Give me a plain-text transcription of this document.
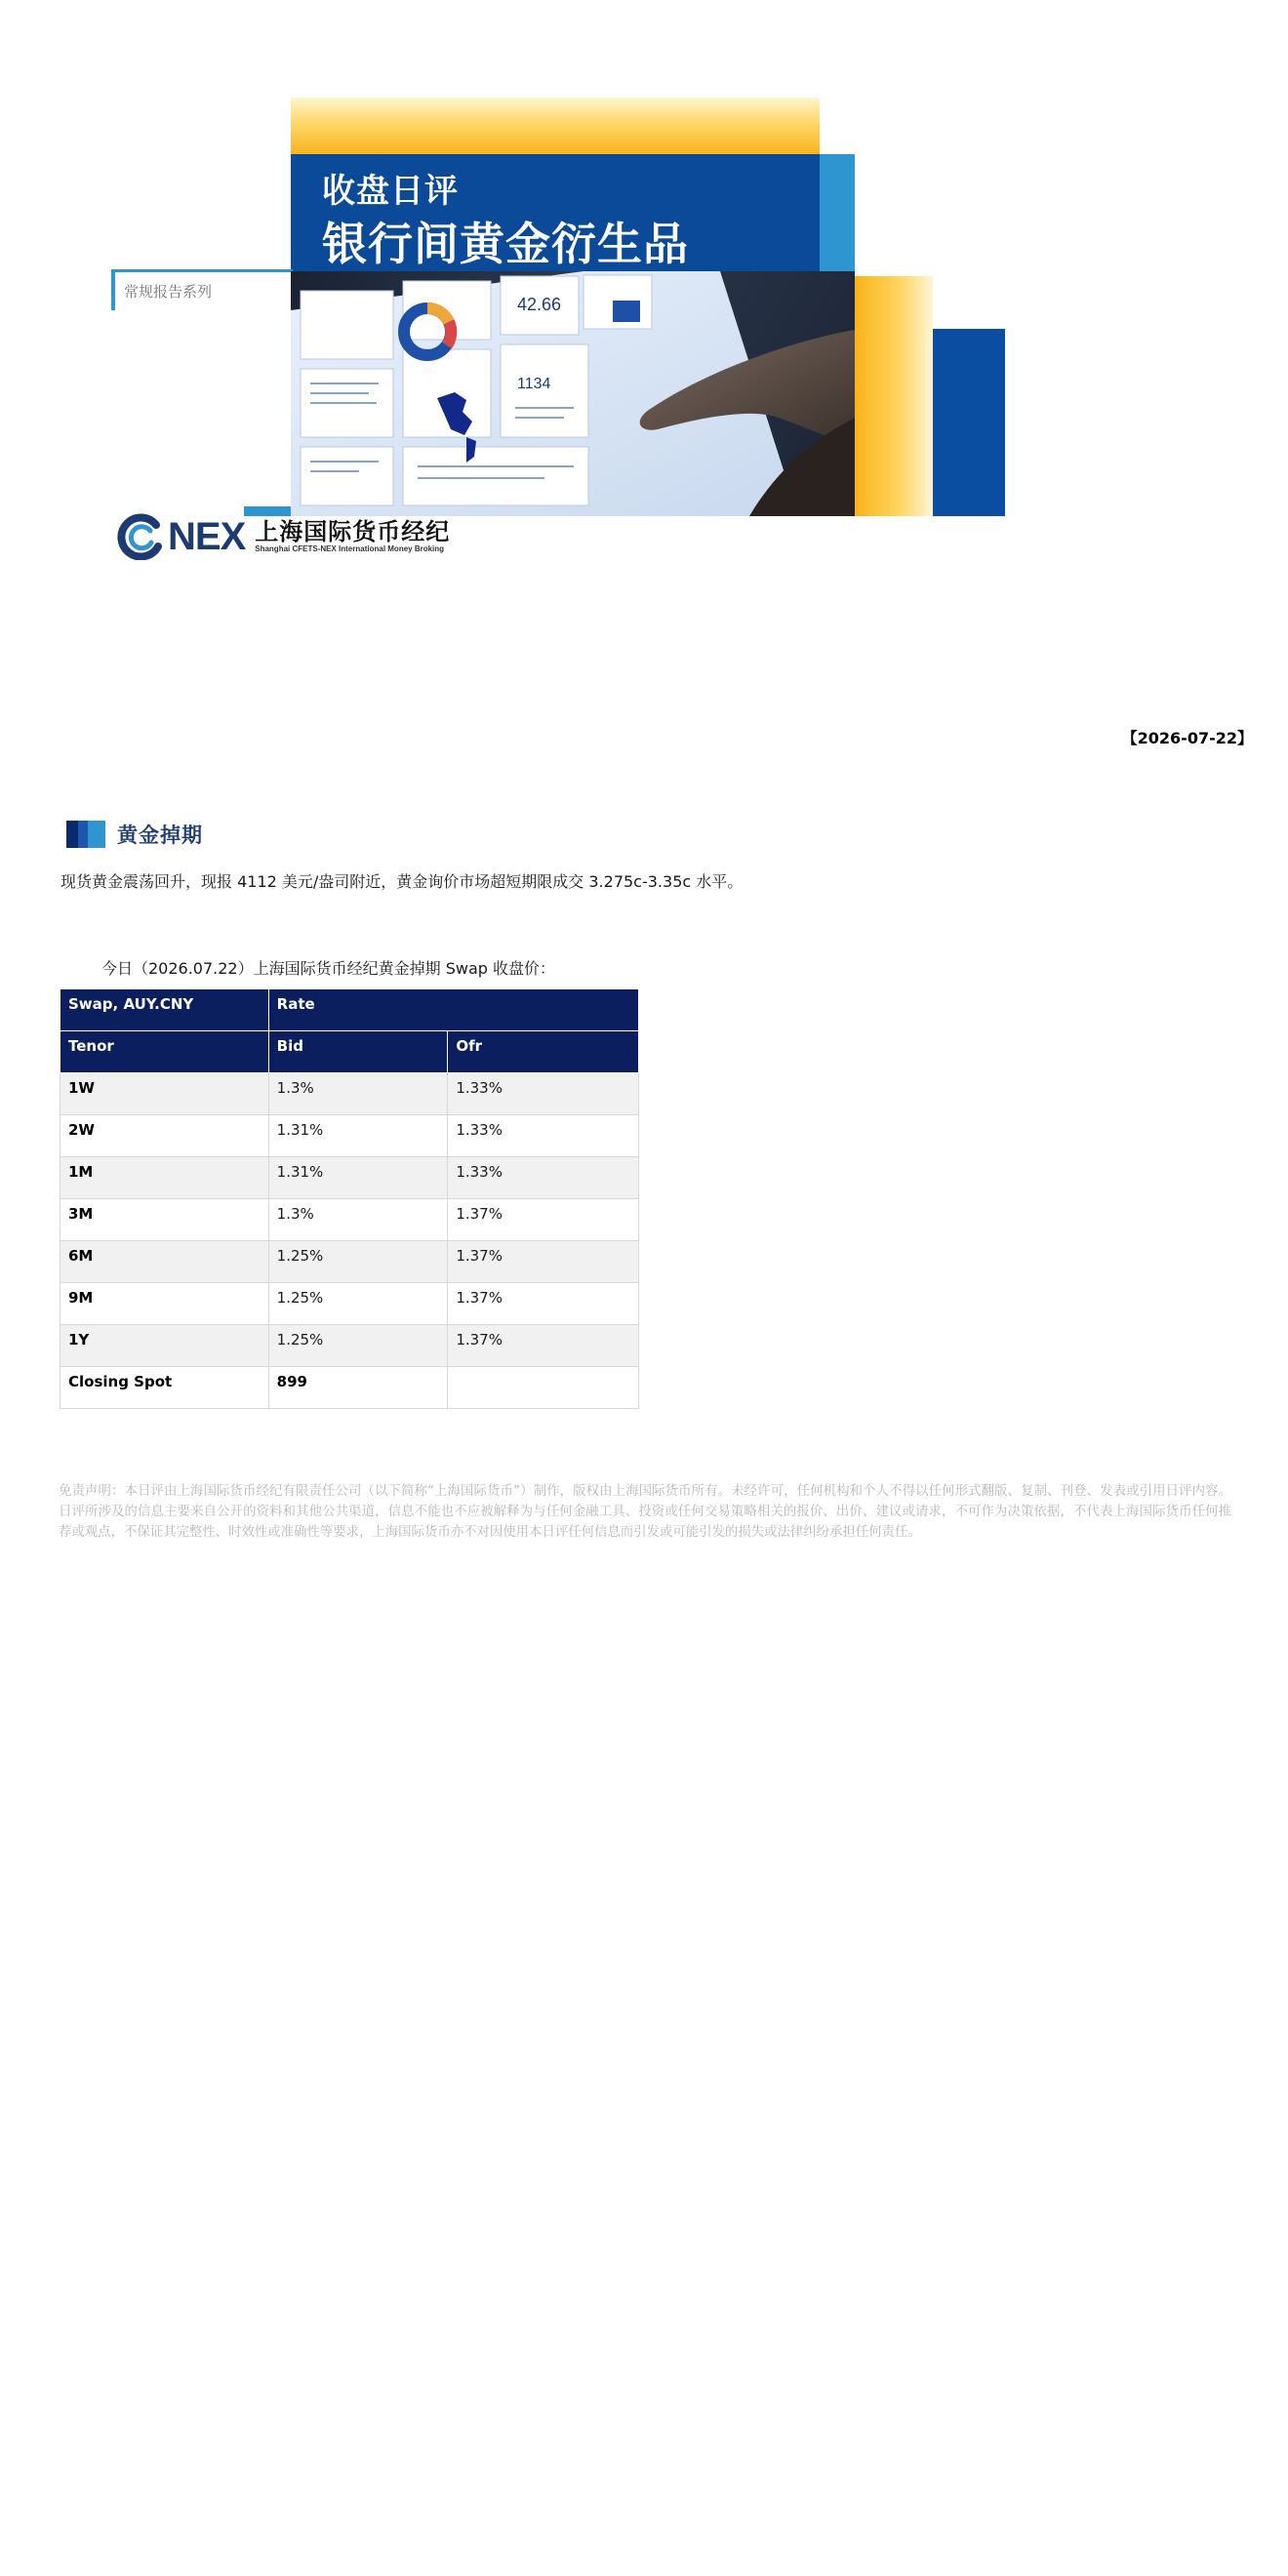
常规报告系列
收盘日评
银行间黄金衍生品
42.66
1134
NEX 上海国际货币经纪
Shanghai CFETS-NEX International Money Broking
【2026-07-22】
黄金掉期
现货黄金震荡回升，现报 4112 美元/盎司附近，黄金询价市场超短期限成交 3.275c-3.35c 水平。
今日（2026.07.22）上海国际货币经纪黄金掉期 Swap 收盘价：
Swap, AUY.CNY	Rate	
Tenor	Bid	Ofr
1W	1.3%	1.33%
2W	1.31%	1.33%
1M	1.31%	1.33%
3M	1.3%	1.37%
6M	1.25%	1.37%
9M	1.25%	1.37%
1Y	1.25%	1.37%
Closing Spot	899	
免责声明：本日评由上海国际货币经纪有限责任公司（以下简称“上海国际货币”）制作，版权由上海国际货币所有。未经许可，任何机构和个人不得以任何形式翻版、复制、刊登、发表或引用日评内容。日评所涉及的信息主要来自公开的资料和其他公共渠道，信息不能也不应被解释为与任何金融工具、投资或任何交易策略相关的报价、出价、建议或请求，不可作为决策依据，不代表上海国际货币任何推荐或观点，不保证其完整性、时效性或准确性等要求，上海国际货币亦不对因使用本日评任何信息而引发或可能引发的损失或法律纠纷承担任何责任。
